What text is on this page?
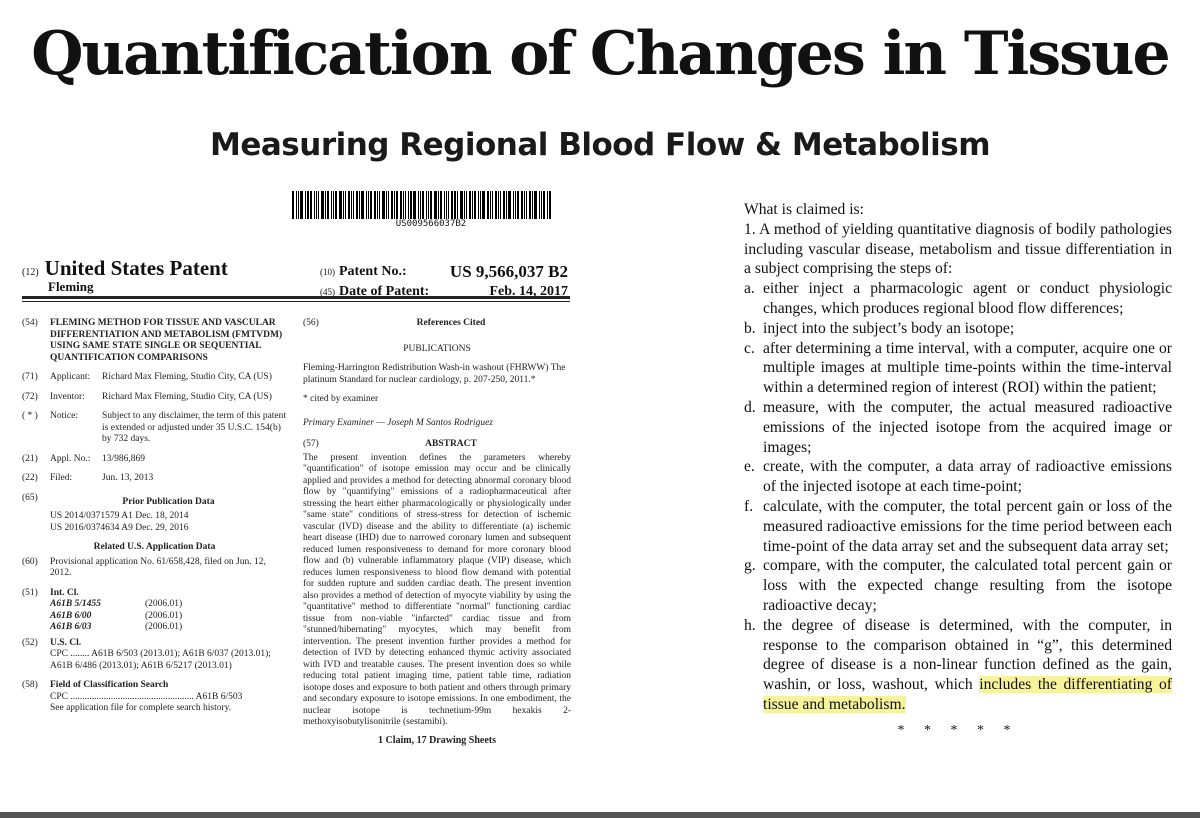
Quantification of Changes in Tissue
Measuring Regional Blood Flow & Metabolism
US009566037B2
(12) United States Patent
Fleming
(10) Patent No.:	US 9,566,037 B2
(45) Date of Patent:	Feb. 14, 2017
(54)	FLEMING METHOD FOR TISSUE AND VASCULAR DIFFERENTIATION AND METABOLISM (FMTVDM) USING SAME STATE SINGLE OR SEQUENTIAL QUANTIFICATION COMPARISONS
(71)	Applicant:	Richard Max Fleming, Studio City, CA (US)
(72)	Inventor:	Richard Max Fleming, Studio City, CA (US)
( * )	Notice:	Subject to any disclaimer, the term of this patent is extended or adjusted under 35 U.S.C. 154(b) by 732 days.
(21)	Appl. No.:	13/986,869
(22)	Filed:	Jun. 13, 2013
(65)	Prior Publication Data
US 2014/0371579 A1 Dec. 18, 2014
US 2016/0374634 A9 Dec. 29, 2016
Related U.S. Application Data
(60)	Provisional application No. 61/658,428, filed on Jun. 12, 2012.
(51)	Int. Cl.
A61B 5/1455	(2006.01)
A61B 6/00	(2006.01)
A61B 6/03	(2006.01)
(52)	U.S. Cl.
CPC ........ A61B 6/503 (2013.01); A61B 6/037 (2013.01); A61B 6/486 (2013.01); A61B 6/5217 (2013.01)
(58)	Field of Classification Search
CPC .................................................... A61B 6/503
See application file for complete search history.
(56)	References Cited
PUBLICATIONS
Fleming-Harrington Redistribution Wash-in washout (FHRWW) The platinum Standard for nuclear cardiology, p. 207-250, 2011.*
* cited by examiner
Primary Examiner — Joseph M Santos Rodriguez
(57)	ABSTRACT
The present invention defines the parameters whereby "quantification" of isotope emission may occur and be clinically applied and provides a method for detecting abnormal coronary blood flow by "quantifying" emissions of a radiopharmaceutical after stressing the heart either pharmacologically or physiologically under "same state" conditions of stress-stress for detection of ischemic vascular (IVD) disease and the ability to differentiate (a) ischemic heart disease (IHD) due to narrowed coronary lumen and subsequent reduced lumen responsiveness to demand for more coronary blood flow and (b) vulnerable inflammatory plaque (VIP) disease, which reduces lumen responsiveness to blood flow demand with potential for sudden rupture and sudden cardiac death. The present invention also provides a method of detection of myocyte viability by using the "quantitative" method to differentiate "normal" functioning cardiac tissue from non-viable "infarcted" cardiac tissue and from "stunned/hibernating" myocytes, which may benefit from intervention. The present invention further provides a method for detection of IVD by detecting enhanced thymic activity associated with IVD and treatable causes. The present invention does so while reducing total patient imaging time, patient table time, radiation isotope doses and exposure to both patient and others through primary and secondary exposure to isotope emissions. In one embodiment, the nuclear isotope is technetium-99m hexakis 2-methoxyisobutylisonitrile (sestamibi).
1 Claim, 17 Drawing Sheets

What is claimed is:

1. A method of yielding quantitative diagnosis of bodily pathologies including vascular disease, metabolism and tissue differentiation in a subject comprising the steps of:

a. either inject a pharmacologic agent or conduct physiologic changes, which produces regional blood flow differences;
b. inject into the subject’s body an isotope;
c. after determining a time interval, with a computer, acquire one or multiple images at multiple time-points within the time-interval within a determined region of interest (ROI) within the patient;
d. measure, with the computer, the actual measured radioactive emissions of the injected isotope from the acquired image or images;
e. create, with the computer, a data array of radioactive emissions of the injected isotope at each time-point;
f. calculate, with the computer, the total percent gain or loss of the measured radioactive emissions for the time period between each time-point of the data array set and the subsequent data array set;
g. compare, with the computer, the calculated total percent gain or loss with the expected change resulting from the isotope radioactive decay;
h. the degree of disease is determined, with the computer, in response to the comparison obtained in “g”, this determined degree of disease is a non-linear function defined as the gain, washin, or loss, washout, which includes the differentiating of tissue and metabolism.
* * * * *
